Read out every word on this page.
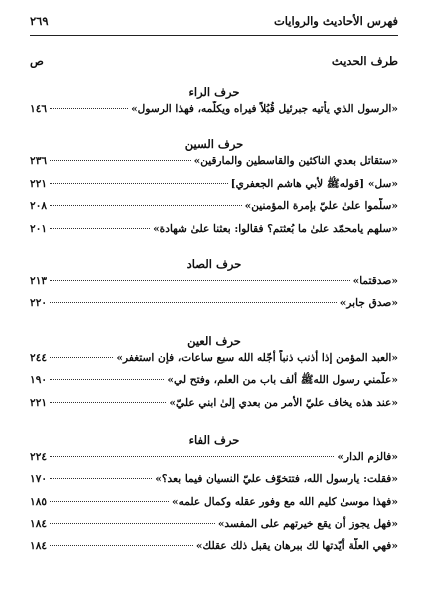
فهرس الأحاديث والروايات
٢٦٩
طرف الحديث
ص
حرف الراء
«الرسول الذي يأتيه جبرئيل قُبُلاً فيراه ويكلّمه، فهذا الرسول»
١٤٦
حرف السين
«ستقاتل بعدي الناكثين والقاسطين والمارقين»
٢٣٦
«سل» [قولهﷺ لأبي هاشم الجعفري]
٢٢١
«سلّموا علىٰ عليّ بإمرة المؤمنين»
٢٠٨
«سلهم يامحمّد علىٰ ما بُعثتم؟ فقالوا: بعثنا علىٰ شهادة»
٢٠١
حرف الصاد
«صدقتما»
٢١٣
«صدق جابر»
٢٢٠
حرف العين
«العبد المؤمن إذا أذنب ذنباً أجّله الله سبع ساعات، فإن استغفر»
٢٤٤
«علّمني رسول اللهﷺ ألف باب من العلم، وفتح لي»
١٩٠
«عند هذه يخاف عليّ الأمر من بعدي إلىٰ ابني عليّ»
٢٢١
حرف الفاء
«فالزم الدار»
٢٢٤
«فقلت: يارسول الله، فتتخوّف عليّ النسيان فيما بعد؟»
١٧٠
«فهذا موسىٰ كليم الله مع وفور عقله وكمال علمه»
١٨٥
«فهل يجوز أن يقع خيرتهم على المفسد»
١٨٤
«فهي العلّة أيّدتها لك ببرهان يقبل ذلك عقلك»
١٨٤
